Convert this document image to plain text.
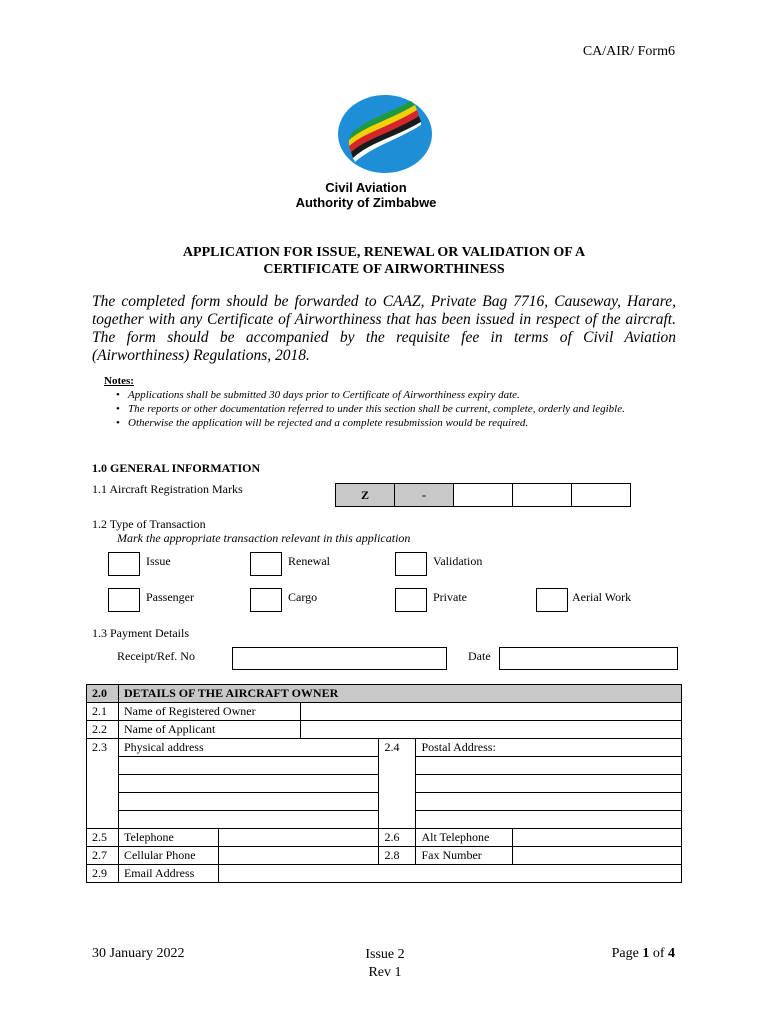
CA/AIR/ Form6
Civil Aviation
Authority of Zimbabwe
APPLICATION FOR ISSUE, RENEWAL OR VALIDATION OF A
CERTIFICATE OF AIRWORTHINESS
The completed form should be forwarded to CAAZ, Private Bag 7716, Causeway, Harare,
together with any Certificate of Airworthiness that has been issued in respect of the aircraft.
The form should be accompanied by the requisite fee in terms of Civil Aviation
(Airworthiness) Regulations, 2018.
Notes:
• Applications shall be submitted 30 days prior to Certificate of Airworthiness expiry date.
• The reports or other documentation referred to under this section shall be current, complete, orderly and legible.
• Otherwise the application will be rejected and a complete resubmission would be required.
1.0 GENERAL INFORMATION
1.1 Aircraft Registration Marks	Z	-
1.2 Type of Transaction
Mark the appropriate transaction relevant in this application
Issue	Renewal	Validation
Passenger	Cargo	Private	Aerial Work
1.3 Payment Details
Receipt/Ref. No	Date
2.0	DETAILS OF THE AIRCRAFT OWNER					
2.1	Name of Registered Owner					
2.2	Name of Applicant					
2.3	Physical address			2.4	Postal Address:	

2.5	Telephone			2.6	Alt Telephone	
2.7	Cellular Phone			2.8	Fax Number	
2.9	Email Address					
30 January 2022	Issue 2
Rev 1
Page 1 of 4
